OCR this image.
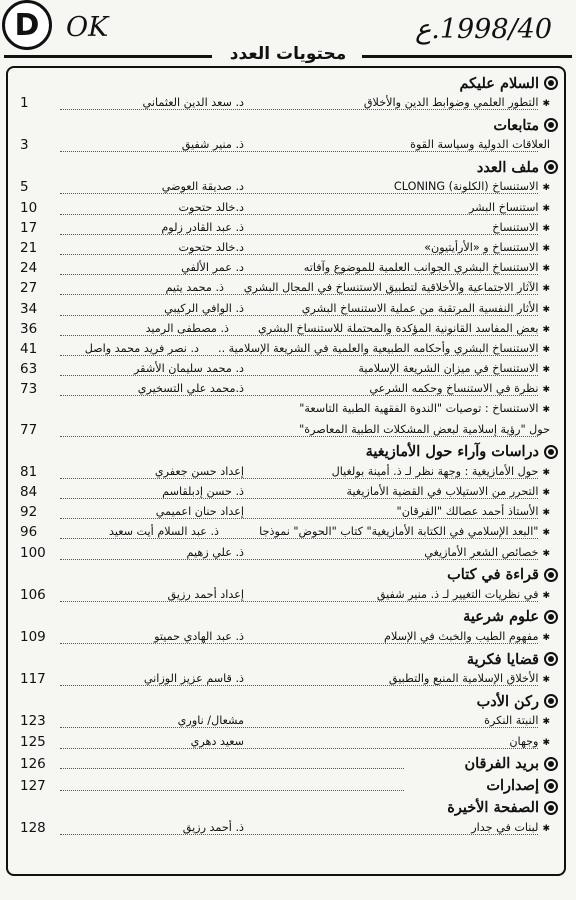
D OK	1998/40.ع
محتويات العدد
السلام عليكم
✱التطور العلمي وضوابط الدين والأخلاق
د. سعد الدين العثماني
1
متابعات
العلاقات الدولية وسياسة القوة
ذ. منير شفيق
3
ملف العدد
✱الاستنساخ (الكلونة) CLONING
د. صديقة العوضي
5
✱استنساخ البشر
د.خالد حتحوت
10
✱الاستنساخ
ذ. عبد القادر زلوم
17
✱الاستنساخ و «الأرأيتيون»
د.خالد حتحوت
21
✱الاستنساخ البشري الجوانب العلمية للموضوع وآفاته
د. عمر الألفي
24
✱الآثار الاجتماعية والأخلاقية لتطبيق الاستنساخ في المجال البشري
ذ. محمد يتيم
27
✱الأثار النفسية المرتقبة من عملية الاستنساخ البشري
ذ. الوافي الركيبي
34
✱بعض المفاسد القانونية المؤكدة والمحتملة للاستنساخ البشري
ذ. مصطفى الرميد
36
✱الاستنساخ البشري وأحكامه الطبيعية والعلمية في الشريعة الإسلامية ..
د. نصر فريد محمد واصل
41
✱الاستنساخ في ميزان الشريعة الإسلامية
د. محمد سليمان الأشقر
63
✱نظرة في الاستنساخ وحكمه الشرعي
ذ.محمد علي التسخيري
73
✱الاستنساخ : توصيات "الندوة الفقهية الطبية التاسعة"
حول "رؤية إسلامية لبعض المشكلات الطبية المعاصرة"
77
دراسات وآراء حول الأمازيغية
✱حول الأمازيغية : وجهة نظر لـ ذ. أمينة بولغيال
إعداد حسن جعفري
81
✱التحرر من الاستيلاب في القضية الأمازيغية
ذ. حسن إدبلقاسم
84
✱الأستاذ أحمد عصالك "الفرقان"
إعداد حنان اعميمي
92
✱"البعد الإسلامي في الكتابة الأمازيغية" كتاب "الحوض" نموذجا
ذ. عبد السلام أيت سعيد
96
✱خصائص الشعر الأمازيغي
ذ. علي زهيم
100
قراءة في كتاب
✱في نظريات التغيير لـ ذ. منير شفيق
إعداد أحمد رزيق
106
علوم شرعية
✱مفهوم الطيب والخبث في الإسلام
ذ. عبد الهادي حميتو
109
قضايا فكرية
✱الأخلاق الإسلامية المنبع والتطبيق
ذ. قاسم عزيز الوزاني
117
ركن الأدب
✱النبتة النكرة
مشعال/ ناوري
123
✱وجهان
سعيد دهري
125
بريد الفرقان
126
إصدارات
127
الصفحة الأخيرة
✱لبنات في جدار
ذ. أحمد رزيق
128
